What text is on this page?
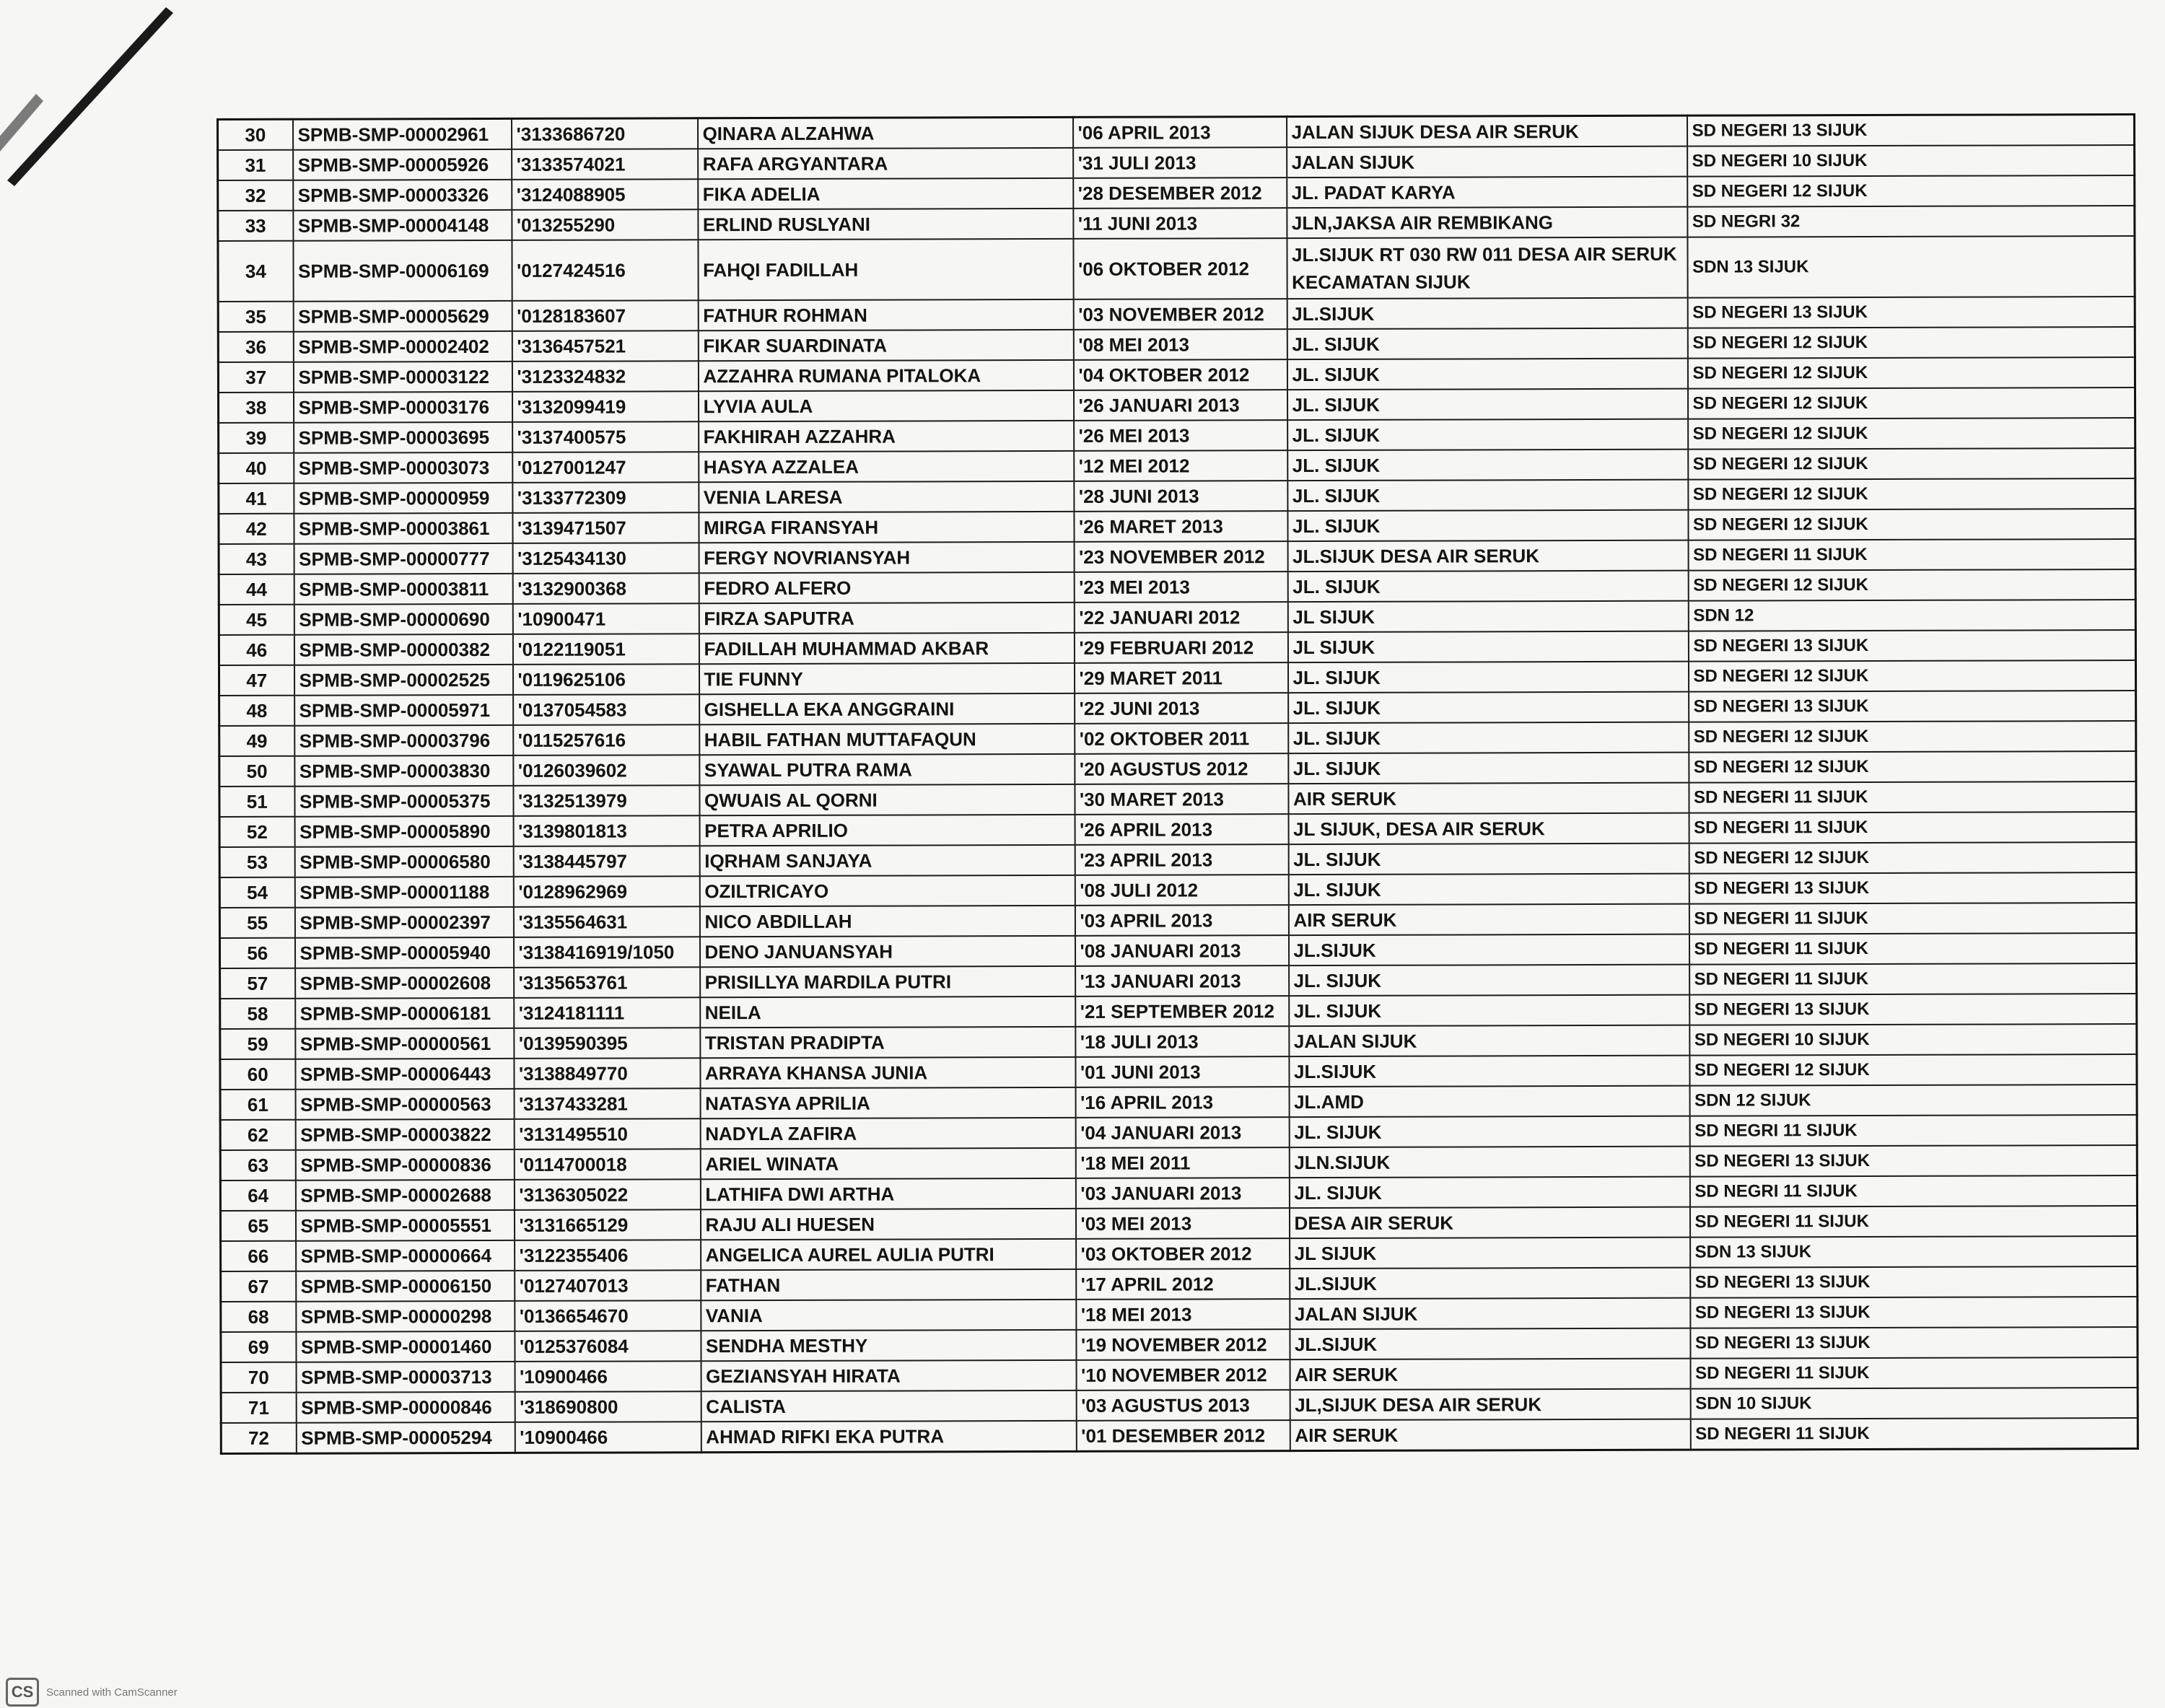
30	SPMB-SMP-00002961	'3133686720	QINARA ALZAHWA	'06 APRIL 2013	JALAN SIJUK DESA AIR SERUK	SD NEGERI 13 SIJUK
31	SPMB-SMP-00005926	'3133574021	RAFA ARGYANTARA	'31 JULI 2013	JALAN SIJUK	SD NEGERI 10 SIJUK
32	SPMB-SMP-00003326	'3124088905	FIKA ADELIA	'28 DESEMBER 2012	JL. PADAT KARYA	SD NEGERI 12 SIJUK
33	SPMB-SMP-00004148	'013255290	ERLIND RUSLYANI	'11 JUNI 2013	JLN,JAKSA AIR REMBIKANG	SD NEGRI 32
34	SPMB-SMP-00006169	'0127424516	FAHQI FADILLAH	'06 OKTOBER 2012	JL.SIJUK RT 030 RW 011 DESA AIR SERUK KECAMATAN SIJUK	SDN 13 SIJUK
35	SPMB-SMP-00005629	'0128183607	FATHUR ROHMAN	'03 NOVEMBER 2012	JL.SIJUK	SD NEGERI 13 SIJUK
36	SPMB-SMP-00002402	'3136457521	FIKAR SUARDINATA	'08 MEI 2013	JL. SIJUK	SD NEGERI 12 SIJUK
37	SPMB-SMP-00003122	'3123324832	AZZAHRA RUMANA PITALOKA	'04 OKTOBER 2012	JL. SIJUK	SD NEGERI 12 SIJUK
38	SPMB-SMP-00003176	'3132099419	LYVIA AULA	'26 JANUARI 2013	JL. SIJUK	SD NEGERI 12 SIJUK
39	SPMB-SMP-00003695	'3137400575	FAKHIRAH AZZAHRA	'26 MEI 2013	JL. SIJUK	SD NEGERI 12 SIJUK
40	SPMB-SMP-00003073	'0127001247	HASYA AZZALEA	'12 MEI 2012	JL. SIJUK	SD NEGERI 12 SIJUK
41	SPMB-SMP-00000959	'3133772309	VENIA LARESA	'28 JUNI 2013	JL. SIJUK	SD NEGERI 12 SIJUK
42	SPMB-SMP-00003861	'3139471507	MIRGA FIRANSYAH	'26 MARET 2013	JL. SIJUK	SD NEGERI 12 SIJUK
43	SPMB-SMP-00000777	'3125434130	FERGY NOVRIANSYAH	'23 NOVEMBER 2012	JL.SIJUK DESA AIR SERUK	SD NEGERI 11 SIJUK
44	SPMB-SMP-00003811	'3132900368	FEDRO ALFERO	'23 MEI 2013	JL. SIJUK	SD NEGERI 12 SIJUK
45	SPMB-SMP-00000690	'10900471	FIRZA SAPUTRA	'22 JANUARI 2012	JL SIJUK	SDN 12
46	SPMB-SMP-00000382	'0122119051	FADILLAH MUHAMMAD AKBAR	'29 FEBRUARI 2012	JL SIJUK	SD NEGERI 13 SIJUK
47	SPMB-SMP-00002525	'0119625106	TIE FUNNY	'29 MARET 2011	JL. SIJUK	SD NEGERI 12 SIJUK
48	SPMB-SMP-00005971	'0137054583	GISHELLA EKA ANGGRAINI	'22 JUNI 2013	JL. SIJUK	SD NEGERI 13 SIJUK
49	SPMB-SMP-00003796	'0115257616	HABIL FATHAN MUTTAFAQUN	'02 OKTOBER 2011	JL. SIJUK	SD NEGERI 12 SIJUK
50	SPMB-SMP-00003830	'0126039602	SYAWAL PUTRA RAMA	'20 AGUSTUS 2012	JL. SIJUK	SD NEGERI 12 SIJUK
51	SPMB-SMP-00005375	'3132513979	QWUAIS AL QORNI	'30 MARET 2013	AIR SERUK	SD NEGERI 11 SIJUK
52	SPMB-SMP-00005890	'3139801813	PETRA APRILIO	'26 APRIL 2013	JL SIJUK, DESA AIR SERUK	SD NEGERI 11 SIJUK
53	SPMB-SMP-00006580	'3138445797	IQRHAM SANJAYA	'23 APRIL 2013	JL. SIJUK	SD NEGERI 12 SIJUK
54	SPMB-SMP-00001188	'0128962969	OZILTRICAYO	'08 JULI 2012	JL. SIJUK	SD NEGERI 13 SIJUK
55	SPMB-SMP-00002397	'3135564631	NICO ABDILLAH	'03 APRIL 2013	AIR SERUK	SD NEGERI 11 SIJUK
56	SPMB-SMP-00005940	'3138416919/1050	DENO JANUANSYAH	'08 JANUARI 2013	JL.SIJUK	SD NEGERI 11 SIJUK
57	SPMB-SMP-00002608	'3135653761	PRISILLYA MARDILA PUTRI	'13 JANUARI 2013	JL. SIJUK	SD NEGERI 11 SIJUK
58	SPMB-SMP-00006181	'3124181111	NEILA	'21 SEPTEMBER 2012	JL. SIJUK	SD NEGERI 13 SIJUK
59	SPMB-SMP-00000561	'0139590395	TRISTAN PRADIPTA	'18 JULI 2013	JALAN SIJUK	SD NEGERI 10 SIJUK
60	SPMB-SMP-00006443	'3138849770	ARRAYA KHANSA JUNIA	'01 JUNI 2013	JL.SIJUK	SD NEGERI 12 SIJUK
61	SPMB-SMP-00000563	'3137433281	NATASYA APRILIA	'16 APRIL 2013	JL.AMD	SDN 12 SIJUK
62	SPMB-SMP-00003822	'3131495510	NADYLA ZAFIRA	'04 JANUARI 2013	JL. SIJUK	SD NEGRI 11 SIJUK
63	SPMB-SMP-00000836	'0114700018	ARIEL WINATA	'18 MEI 2011	JLN.SIJUK	SD NEGERI 13 SIJUK
64	SPMB-SMP-00002688	'3136305022	LATHIFA DWI ARTHA	'03 JANUARI 2013	JL. SIJUK	SD NEGRI 11 SIJUK
65	SPMB-SMP-00005551	'3131665129	RAJU ALI HUESEN	'03 MEI 2013	DESA AIR SERUK	SD NEGERI 11 SIJUK
66	SPMB-SMP-00000664	'3122355406	ANGELICA AUREL AULIA PUTRI	'03 OKTOBER 2012	JL SIJUK	SDN 13 SIJUK
67	SPMB-SMP-00006150	'0127407013	FATHAN	'17 APRIL 2012	JL.SIJUK	SD NEGERI 13 SIJUK
68	SPMB-SMP-00000298	'0136654670	VANIA	'18 MEI 2013	JALAN SIJUK	SD NEGERI 13 SIJUK
69	SPMB-SMP-00001460	'0125376084	SENDHA MESTHY	'19 NOVEMBER 2012	JL.SIJUK	SD NEGERI 13 SIJUK
70	SPMB-SMP-00003713	'10900466	GEZIANSYAH HIRATA	'10 NOVEMBER 2012	AIR SERUK	SD NEGERI 11 SIJUK
71	SPMB-SMP-00000846	'318690800	CALISTA	'03 AGUSTUS 2013	JL,SIJUK DESA AIR SERUK	SDN 10 SIJUK
72	SPMB-SMP-00005294	'10900466	AHMAD RIFKI EKA PUTRA	'01 DESEMBER 2012	AIR SERUK	SD NEGERI 11 SIJUK
CS	Scanned with CamScanner
